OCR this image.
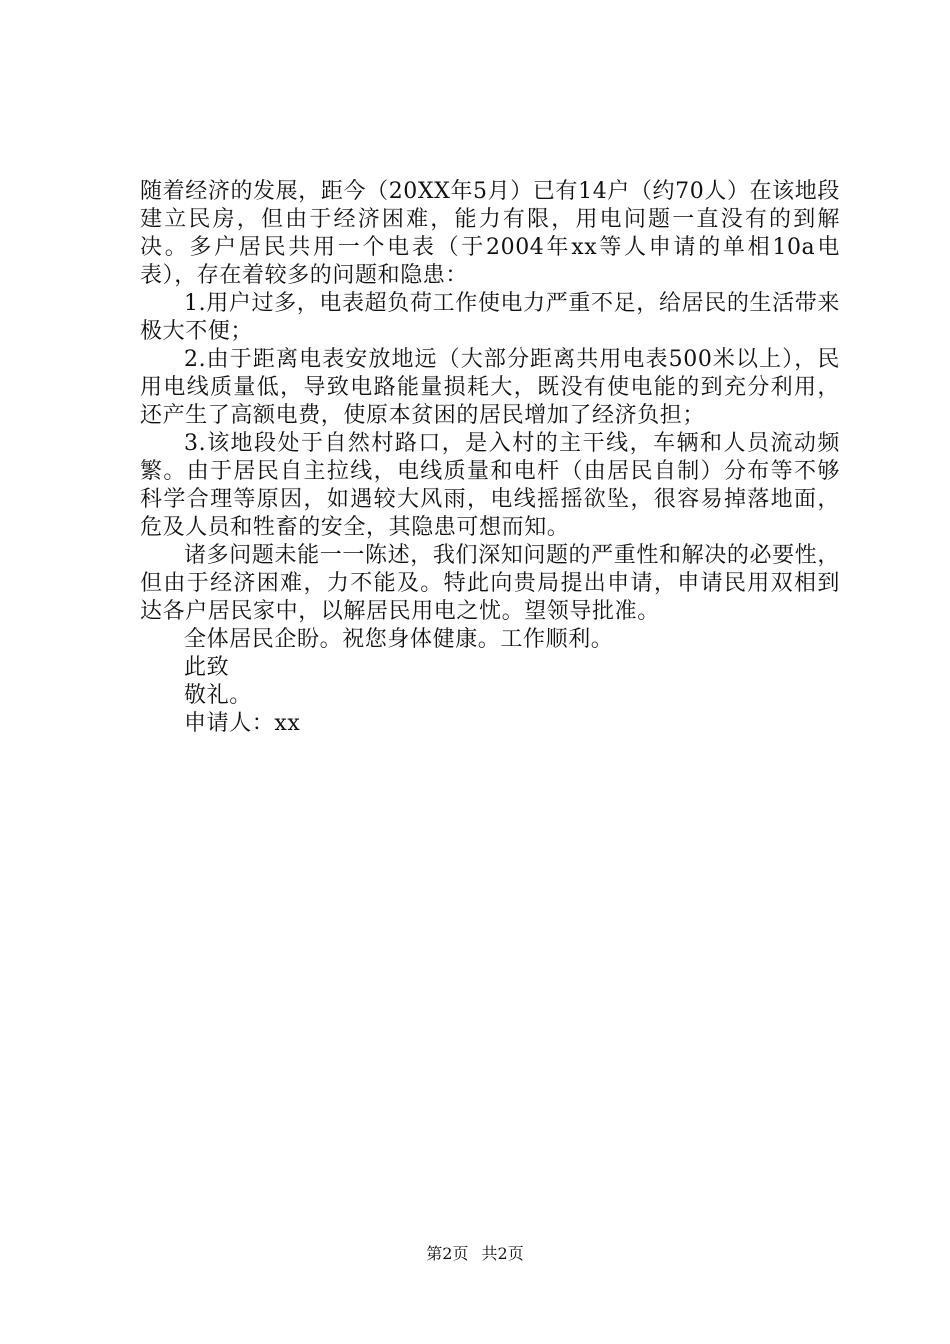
随着经济的发展，距今（20XX年5月）已有14户（约70人）在该地段建立民房，但由于经济困难，能力有限，用电问题一直没有的到解决。多户居民共用一个电表（于2004年xx等人申请的单相10a电表），存在着较多的问题和隐患：

1.用户过多，电表超负荷工作使电力严重不足，给居民的生活带来极大不便；

2.由于距离电表安放地远（大部分距离共用电表500米以上），民用电线质量低，导致电路能量损耗大，既没有使电能的到充分利用，还产生了高额电费，使原本贫困的居民增加了经济负担；

3.该地段处于自然村路口，是入村的主干线，车辆和人员流动频繁。由于居民自主拉线，电线质量和电杆（由居民自制）分布等不够科学合理等原因，如遇较大风雨，电线摇摇欲坠，很容易掉落地面，危及人员和牲畜的安全，其隐患可想而知。

诸多问题未能一一陈述，我们深知问题的严重性和解决的必要性，但由于经济困难，力不能及。特此向贵局提出申请，申请民用双相到达各户居民家中，以解居民用电之忧。望领导批准。

全体居民企盼。祝您身体健康。工作顺利。

此致

敬礼。

申请人：xx

第2页 共2页
